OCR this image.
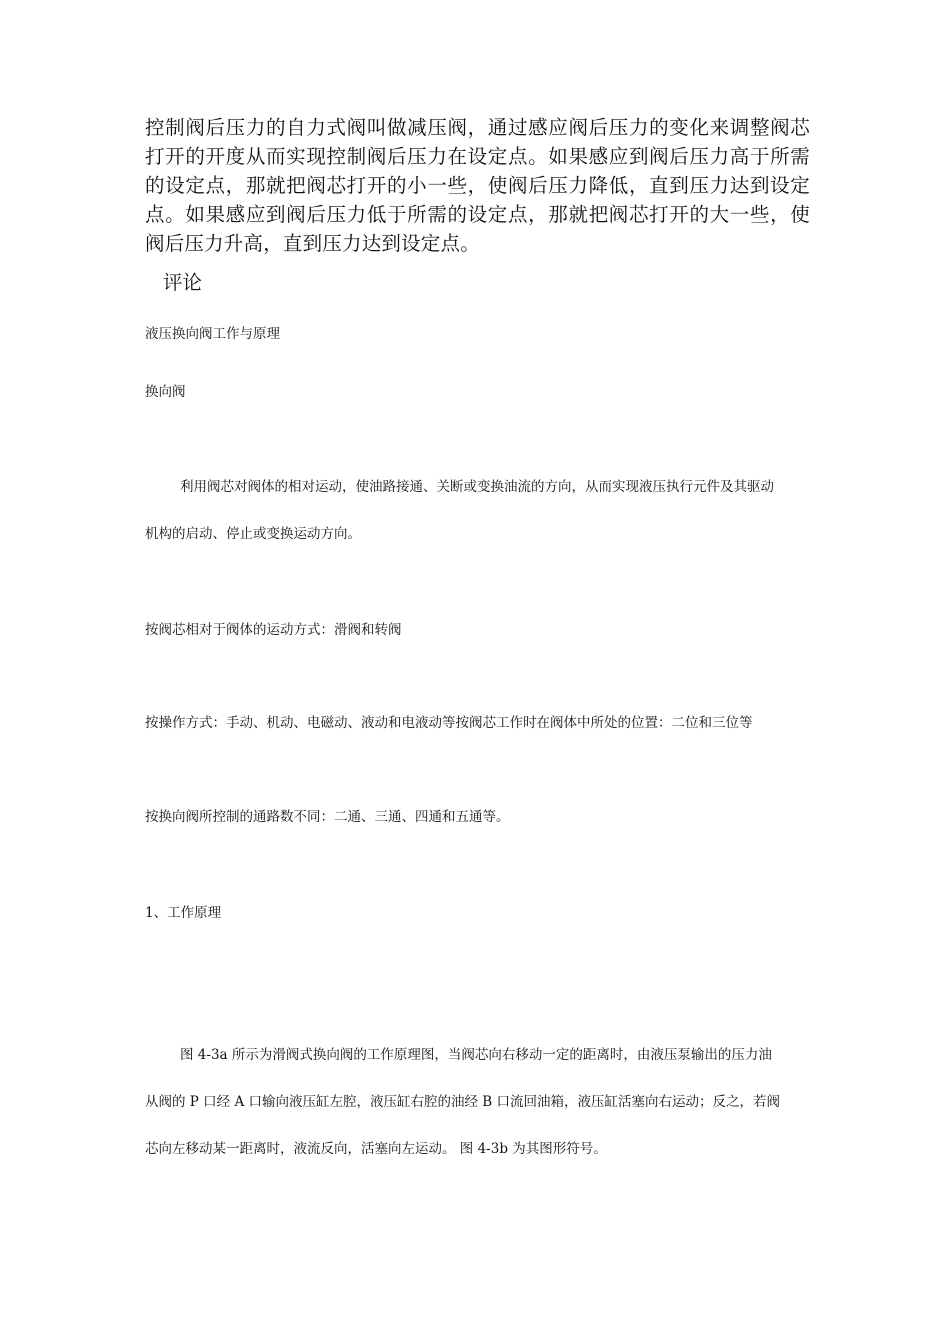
控制阀后压力的自力式阀叫做减压阀，通过感应阀后压力的变化来调整阀芯打开的开度从而实现控制阀后压力在设定点。如果感应到阀后压力高于所需的设定点，那就把阀芯打开的小一些，使阀后压力降低，直到压力达到设定点。如果感应到阀后压力低于所需的设定点，那就把阀芯打开的大一些，使阀后压力升高，直到压力达到设定点。

评论

液压换向阀工作与原理

换向阀

利用阀芯对阀体的相对运动，使油路接通、关断或变换油流的方向，从而实现液压执行元件及其驱动

机构的启动、停止或变换运动方向。

按阀芯相对于阀体的运动方式：滑阀和转阀

按操作方式：手动、机动、电磁动、液动和电液动等按阀芯工作时在阀体中所处的位置：二位和三位等

按换向阀所控制的通路数不同：二通、三通、四通和五通等。

1、工作原理

图 4-3a 所示为滑阀式换向阀的工作原理图，当阀芯向右移动一定的距离时，由液压泵输出的压力油

从阀的 P 口经 A 口输向液压缸左腔，液压缸右腔的油经 B 口流回油箱，液压缸活塞向右运动；反之，若阀

芯向左移动某一距离时，液流反向，活塞向左运动。 图 4-3b 为其图形符号。
